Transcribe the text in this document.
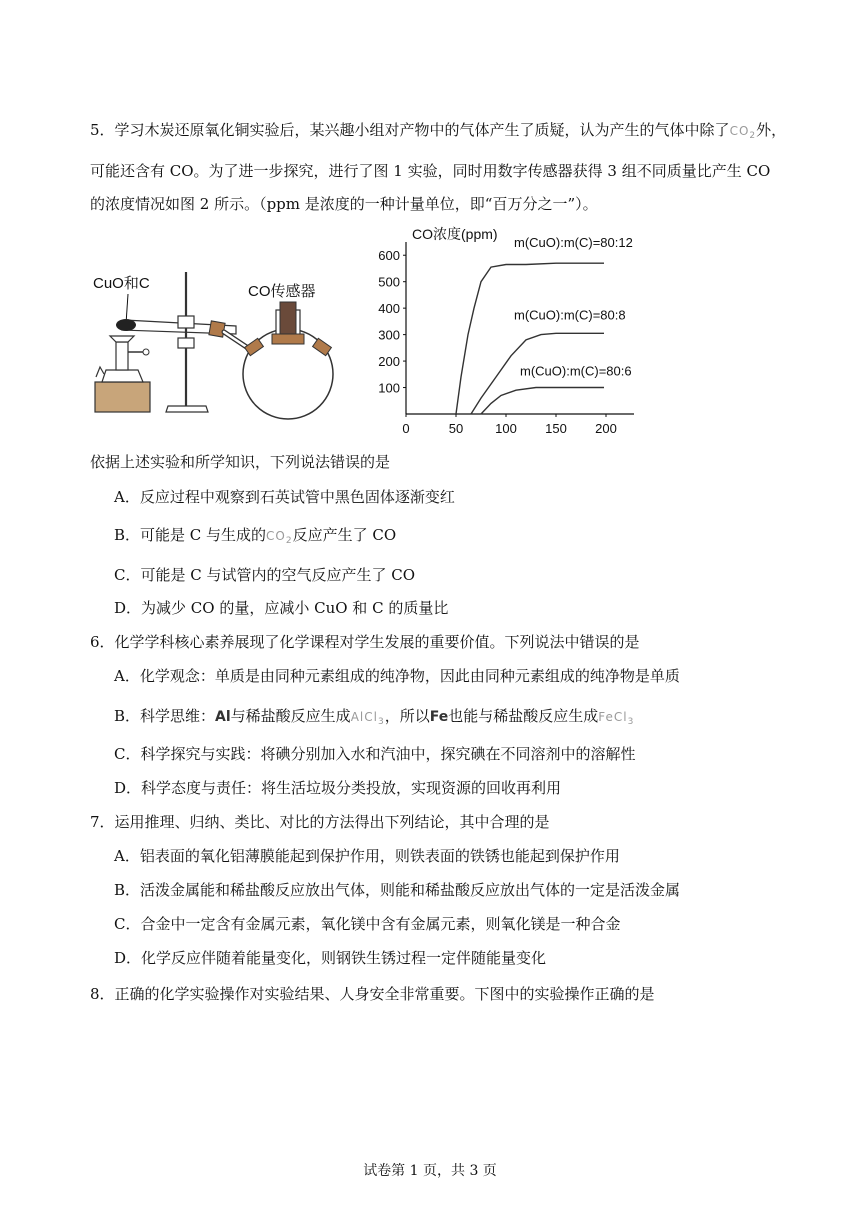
5．学习木炭还原氧化铜实验后，某兴趣小组对产物中的气体产生了质疑，认为产生的气体中除了$CO_2$外，
可能还含有 CO。为了进一步探究，进行了图 1 实验，同时用数字传感器获得 3 组不同质量比产生 CO
的浓度情况如图 2 所示。（ppm 是浓度的一种计量单位，即“百万分之一”）。
CuO和C	CO传感器
CO浓度(ppm)
100
200
300
400
500
600
0	50 100 150 200
m(CuO):m(C)=80:12
m(CuO):m(C)=80:8
m(CuO):m(C)=80:6
依据上述实验和所学知识，下列说法错误的是
A．反应过程中观察到石英试管中黑色固体逐渐变红
B．可能是 C 与生成的$CO_2$反应产生了 CO
C．可能是 C 与试管内的空气反应产生了 CO
D．为减少 CO 的量，应减小 CuO 和 C 的质量比
6．化学学科核心素养展现了化学课程对学生发展的重要价值。下列说法中错误的是
A．化学观念：单质是由同种元素组成的纯净物，因此由同种元素组成的纯净物是单质
B．科学思维：Al与稀盐酸反应生成AlCl$_3$，所以Fe也能与稀盐酸反应生成FeCl$_3$
C．科学探究与实践：将碘分别加入水和汽油中，探究碘在不同溶剂中的溶解性
D．科学态度与责任：将生活垃圾分类投放，实现资源的回收再利用
7．运用推理、归纳、类比、对比的方法得出下列结论，其中合理的是
A．铝表面的氧化铝薄膜能起到保护作用，则铁表面的铁锈也能起到保护作用
B．活泼金属能和稀盐酸反应放出气体，则能和稀盐酸反应放出气体的一定是活泼金属
C．合金中一定含有金属元素，氧化镁中含有金属元素，则氧化镁是一种合金
D．化学反应伴随着能量变化，则钢铁生锈过程一定伴随能量变化
8．正确的化学实验操作对实验结果、人身安全非常重要。下图中的实验操作正确的是
试卷第 1 页，共 3 页
